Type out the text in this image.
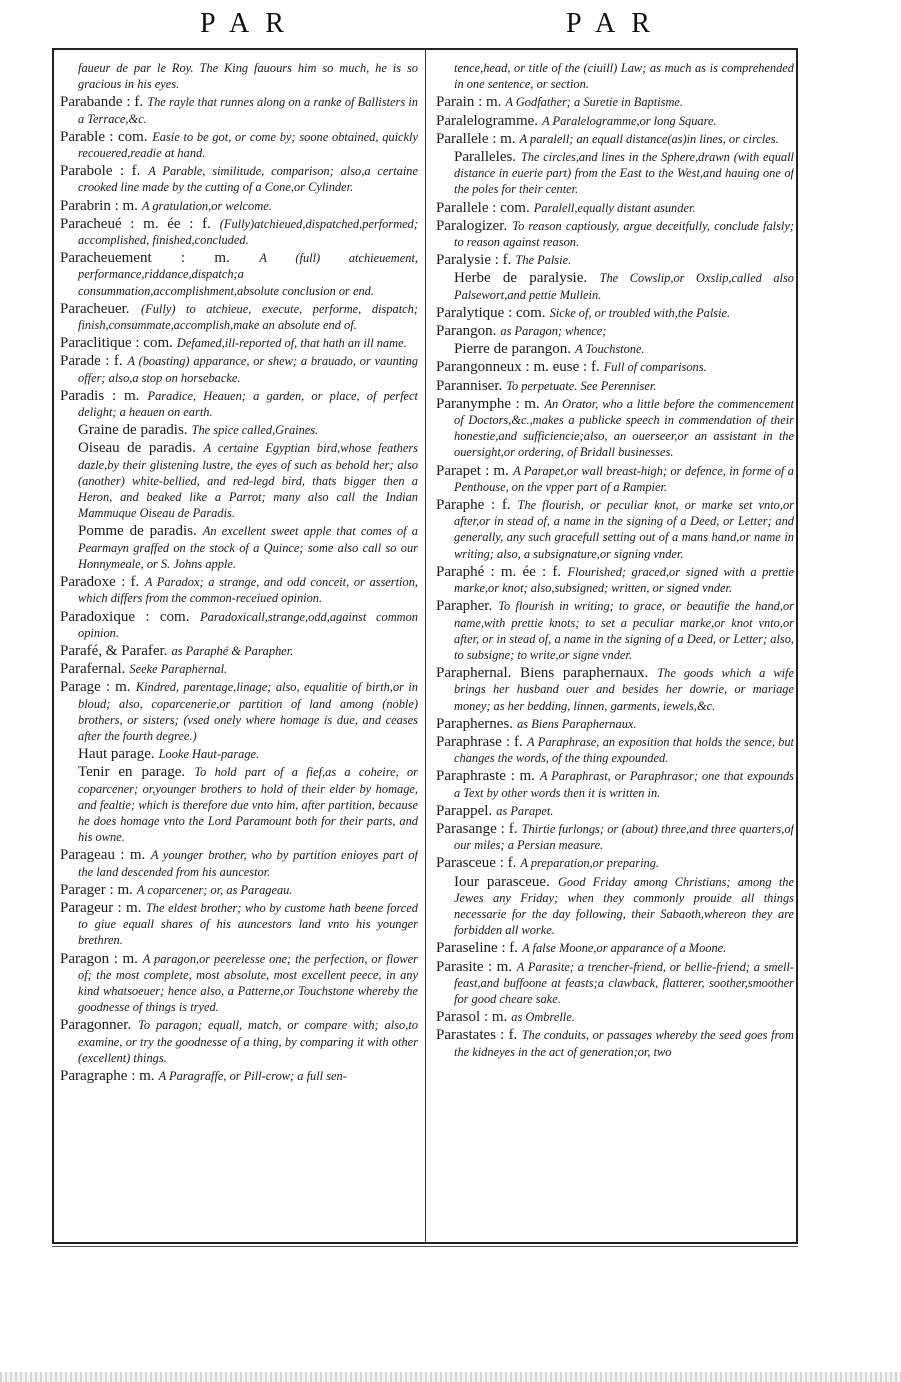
PAR	PAR

faueur de par le Roy. The King fauours him so much, he is so gracious in his eyes.

Parabande : f. The rayle that runnes along on a ranke of Ballisters in a Terrace,&c.

Parable : com. Easie to be got, or come by; soone obtained, quickly recouered,readie at hand.

Parabole : f. A Parable, similitude, comparison; also,a certaine crooked line made by the cutting of a Cone,or Cylinder.

Parabrin : m. A gratulation,or welcome.

Paracheué : m. ée : f. (Fully)atchieued,dispatched,performed; accomplished, finished,concluded.

Paracheuement : m. A (full) atchieuement, performance,riddance,dispatch;a consummation,accomplishment,absolute conclusion or end.

Paracheuer. (Fully) to atchieue, execute, performe, dispatch; finish,consummate,accomplish,make an absolute end of.

Paraclitique : com. Defamed,ill-reported of, that hath an ill name.

Parade : f. A (boasting) apparance, or shew; a brauado, or vaunting offer; also,a stop on horsebacke.

Paradis : m. Paradice, Heauen; a garden, or place, of perfect delight; a heauen on earth.

Graine de paradis. The spice called,Graines.

Oiseau de paradis. A certaine Egyptian bird,whose feathers dazle,by their glistening lustre, the eyes of such as behold her; also (another) white-bellied, and red-legd bird, thats bigger then a Heron, and beaked like a Parrot; many also call the Indian Mammuque Oiseau de Paradis.

Pomme de paradis. An excellent sweet apple that comes of a Pearmayn graffed on the stock of a Quince; some also call so our Honnymeale, or S. Johns apple.

Paradoxe : f. A Paradox; a strange, and odd conceit, or assertion, which differs from the common-receiued opinion.

Paradoxique : com. Paradoxicall,strange,odd,against common opinion.

Parafé, & Parafer. as Paraphé & Parapher.

Parafernal. Seeke Paraphernal.

Parage : m. Kindred, parentage,linage; also, equalitie of birth,or in bloud; also, coparcenerie,or partition of land among (noble) brothers, or sisters; (vsed onely where homage is due, and ceases after the fourth degree.)

Haut parage. Looke Haut-parage.

Tenir en parage. To hold part of a fief,as a coheire, or coparcener; or,younger brothers to hold of their elder by homage, and fealtie; which is therefore due vnto him, after partition, because he does homage vnto the Lord Paramount both for their parts, and his owne.

Parageau : m. A younger brother, who by partition enioyes part of the land descended from his auncestor.

Parager : m. A coparcener; or, as Parageau.

Parageur : m. The eldest brother; who by custome hath beene forced to giue equall shares of his auncestors land vnto his younger brethren.

Paragon : m. A paragon,or peerelesse one; the perfection, or flower of; the most complete, most absolute, most excellent peece, in any kind whatsoeuer; hence also, a Patterne,or Touchstone whereby the goodnesse of things is tryed.

Paragonner. To paragon; equall, match, or compare with; also,to examine, or try the goodnesse of a thing, by comparing it with other (excellent) things.

Paragraphe : m. A Paragraffe, or Pill-crow; a full sen-

tence,head, or title of the (ciuill) Law; as much as is comprehended in one sentence, or section.

Parain : m. A Godfather; a Suretie in Baptisme.

Paralelogramme. A Paralelogramme,or long Square.

Parallele : m. A paralell; an equall distance(as)in lines, or circles.

Paralleles. The circles,and lines in the Sphere,drawn (with equall distance in euerie part) from the East to the West,and hauing one of the poles for their center.

Parallele : com. Paralell,equally distant asunder.

Paralogizer. To reason captiously, argue deceitfully, conclude falsly; to reason against reason.

Paralysie : f. The Palsie.

Herbe de paralysie. The Cowslip,or Oxslip,called also Palsewort,and pettie Mullein.

Paralytique : com. Sicke of, or troubled with,the Palsie.

Parangon. as Paragon; whence;

Pierre de parangon. A Touchstone.

Parangonneux : m. euse : f. Full of comparisons.

Paranniser. To perpetuate. See Perenniser.

Paranymphe : m. An Orator, who a little before the commencement of Doctors,&c.,makes a publicke speech in commendation of their honestie,and sufficiencie;also, an ouerseer,or an assistant in the ouersight,or ordering, of Bridall businesses.

Parapet : m. A Parapet,or wall breast-high; or defence, in forme of a Penthouse, on the vpper part of a Rampier.

Paraphe : f. The flourish, or peculiar knot, or marke set vnto,or after,or in stead of, a name in the signing of a Deed, or Letter; and generally, any such gracefull setting out of a mans hand,or name in writing; also, a subsignature,or signing vnder.

Paraphé : m. ée : f. Flourished; graced,or signed with a prettie marke,or knot; also,subsigned; written, or signed vnder.

Parapher. To flourish in writing; to grace, or beautifie the hand,or name,with prettie knots; to set a peculiar marke,or knot vnto,or after, or in stead of, a name in the signing of a Deed, or Letter; also, to subsigne; to write,or signe vnder.

Paraphernal. Biens paraphernaux. The goods which a wife brings her husband ouer and besides her dowrie, or mariage money; as her bedding, linnen, garments, iewels,&c.

Paraphernes. as Biens Paraphernaux.

Paraphrase : f. A Paraphrase, an exposition that holds the sence, but changes the words, of the thing expounded.

Paraphraste : m. A Paraphrast, or Paraphrasor; one that expounds a Text by other words then it is written in.

Parappel. as Parapet.

Parasange : f. Thirtie furlongs; or (about) three,and three quarters,of our miles; a Persian measure.

Parasceue : f. A preparation,or preparing.

Iour parasceue. Good Friday among Christians; among the Jewes any Friday; when they commonly prouide all things necessarie for the day following, their Sabaoth,whereon they are forbidden all worke.

Paraseline : f. A false Moone,or apparance of a Moone.

Parasite : m. A Parasite; a trencher-friend, or bellie-friend; a smell-feast,and buffoone at feasts;a clawback, flatterer, soother,smoother for good cheare sake.

Parasol : m. as Ombrelle.

Parastates : f. The conduits, or passages whereby the seed goes from the kidneyes in the act of generation;or, two
